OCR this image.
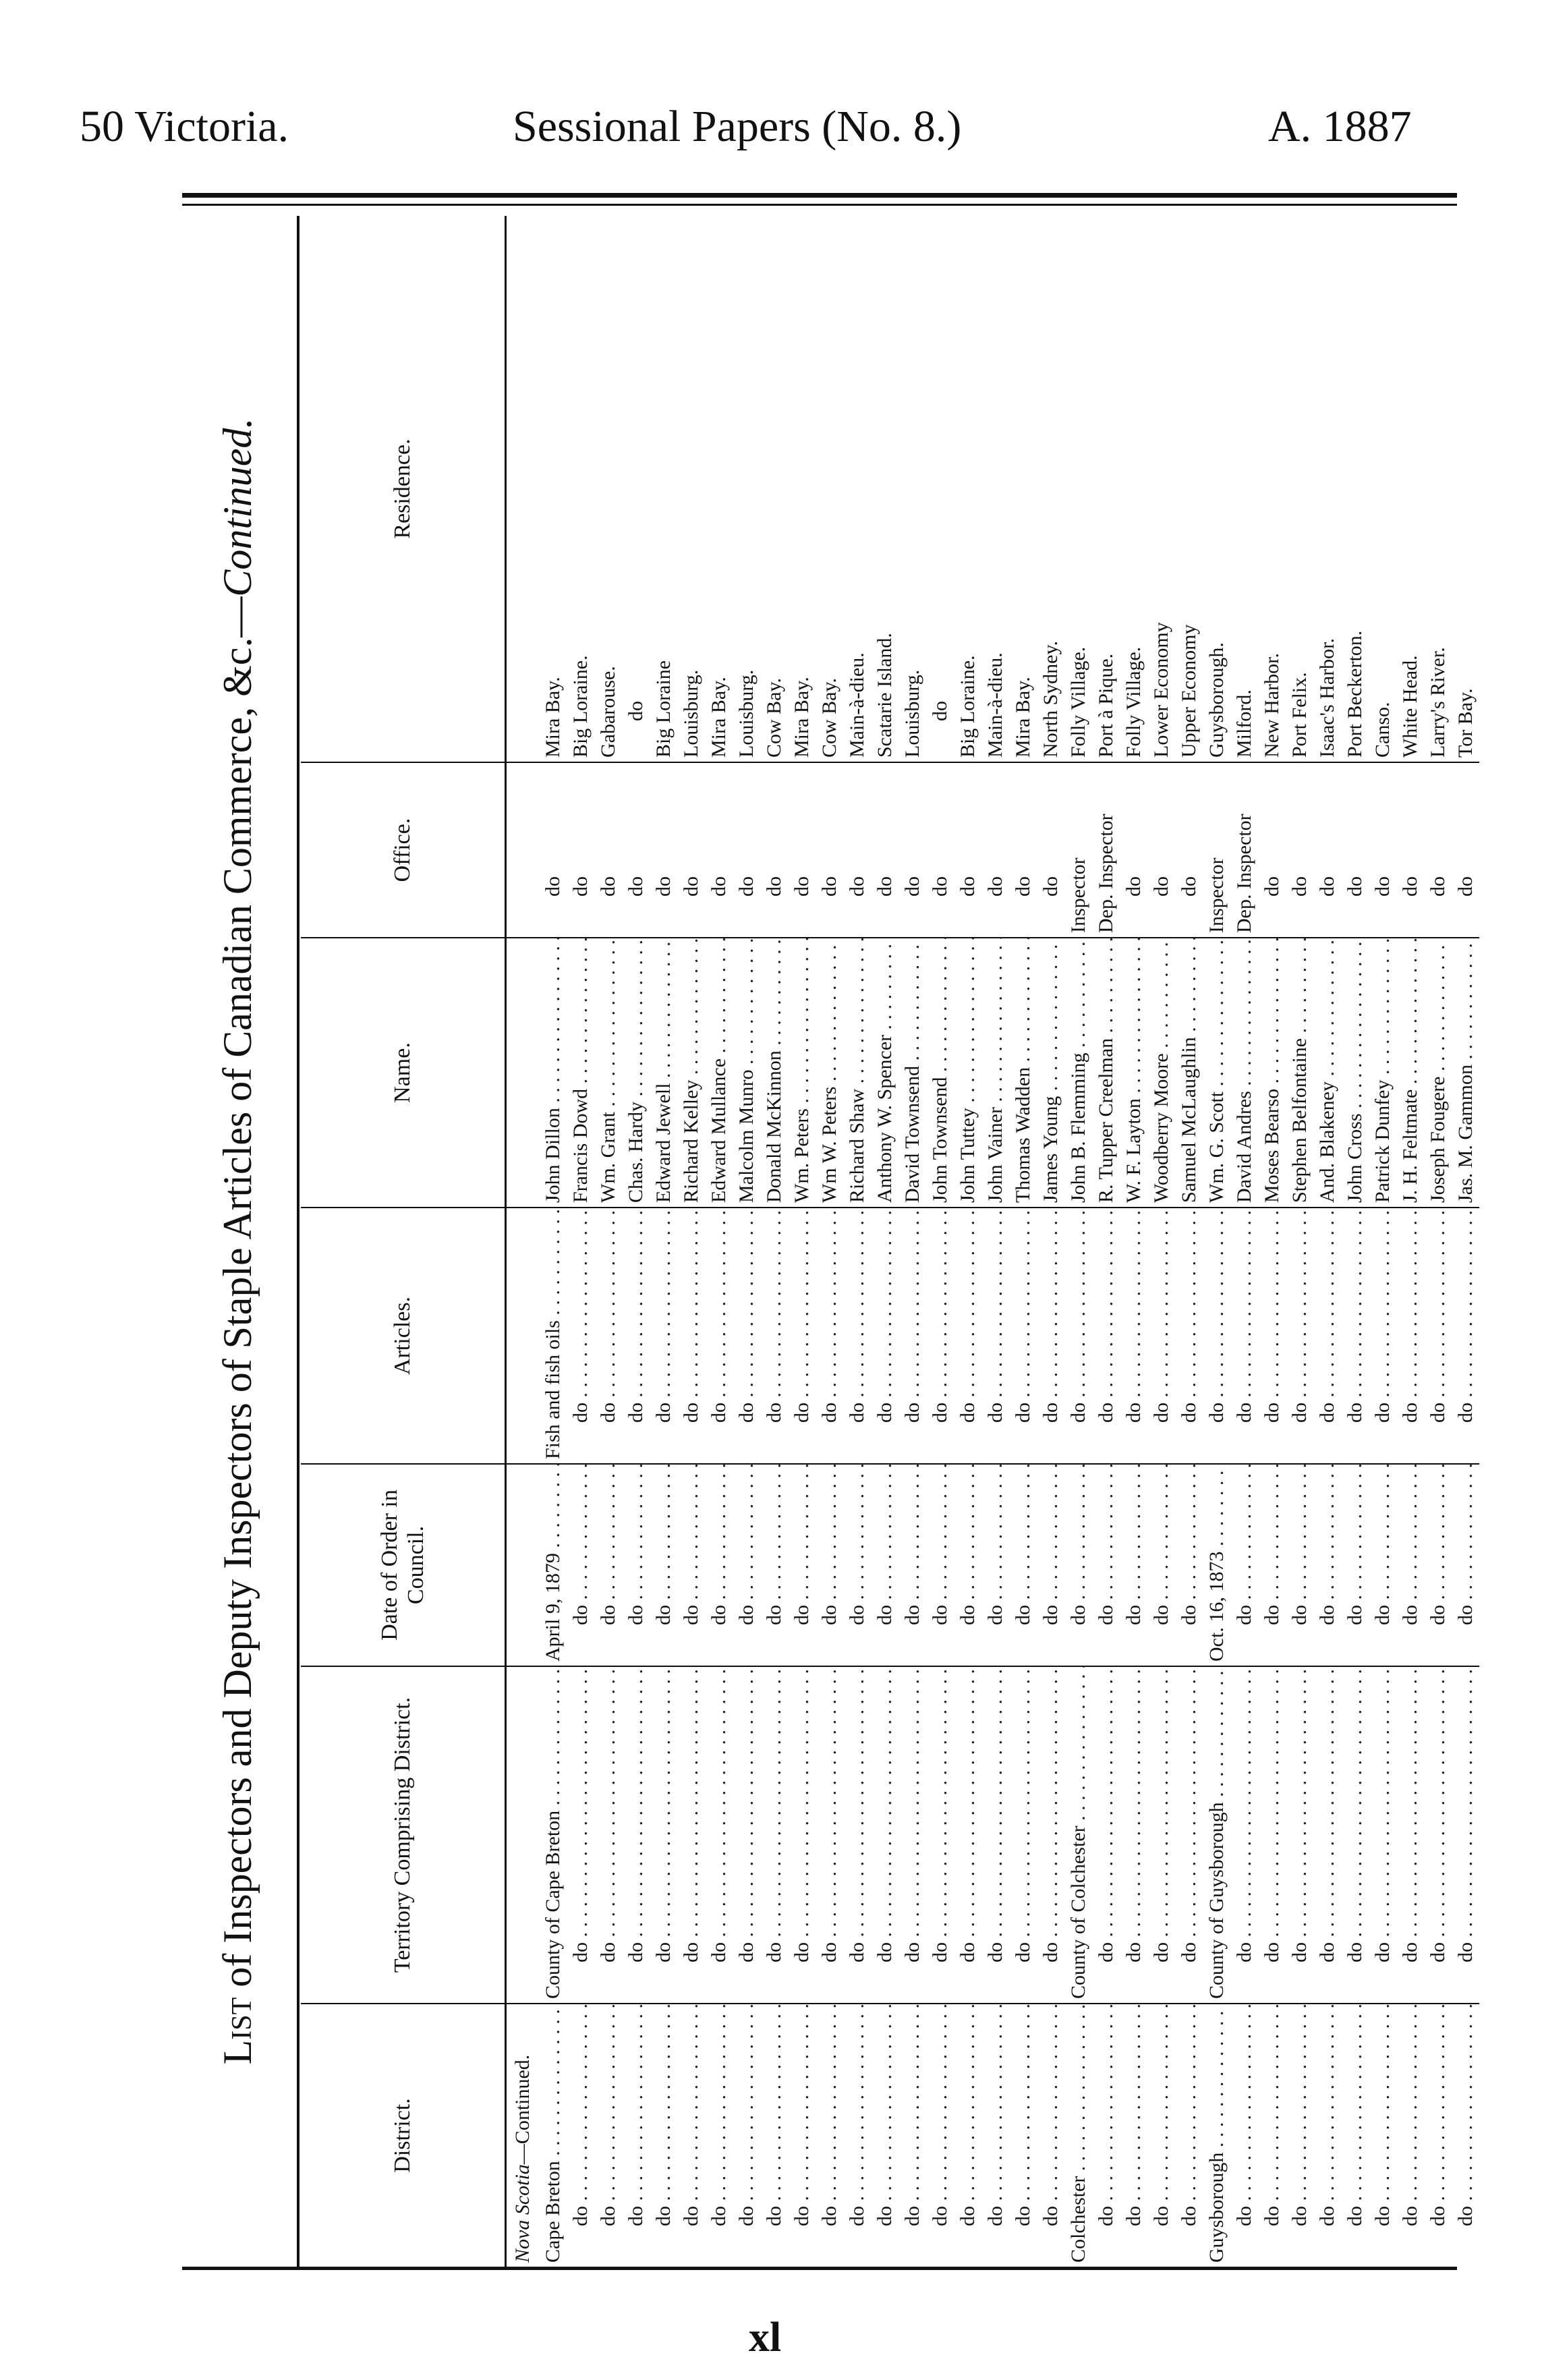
50 Victoria.	Sessional Papers (No. 8.)	A. 1887
List of Inspectors and Deputy Inspectors of Staple Articles of Canadian Commerce, &c.—Continued.
District.	Territory Comprising District.	Date of Order in Council.	Articles.	Name.	Office.	Residence.
Nova Scotia—Continued.						
Cape Breton . . .	County of Cape Breton . . .	April 9, 1879 . . .	Fish and fish oils . . .	John Dillon . . .	do	Mira Bay.
do . . .	do . . .	do . . .	do . . .	Francis Dowd . . .	do	Big Loraine.
do . . .	do . . .	do . . .	do . . .	Wm. Grant . . .	do	Gabarouse.
do . . .	do . . .	do . . .	do . . .	Chas. Hardy . . .	do	do
do . . .	do . . .	do . . .	do . . .	Edward Jewell . . .	do	Big Loraine
do . . .	do . . .	do . . .	do . . .	Richard Kelley . . .	do	Louisburg.
do . . .	do . . .	do . . .	do . . .	Edward Mullance . . .	do	Mira Bay.
do . . .	do . . .	do . . .	do . . .	Malcolm Munro . . .	do	Louisburg.
do . . .	do . . .	do . . .	do . . .	Donald McKinnon . . .	do	Cow Bay.
do . . .	do . . .	do . . .	do . . .	Wm. Peters . . .	do	Mira Bay.
do . . .	do . . .	do . . .	do . . .	Wm W. Peters . . .	do	Cow Bay.
do . . .	do . . .	do . . .	do . . .	Richard Shaw . . .	do	Main-à-dieu.
do . . .	do . . .	do . . .	do . . .	Anthony W. Spencer . . .	do	Scatarie Island.
do . . .	do . . .	do . . .	do . . .	David Townsend . . .	do	Louisburg.
do . . .	do . . .	do . . .	do . . .	John Townsend . . .	do	do
do . . .	do . . .	do . . .	do . . .	John Tuttey . . .	do	Big Loraine.
do . . .	do . . .	do . . .	do . . .	John Vainer . . .	do	Main-à-dieu.
do . . .	do . . .	do . . .	do . . .	Thomas Wadden . . .	do	Mira Bay.
do . . .	do . . .	do . . .	do . . .	James Young . . .	do	North Sydney.
Colchester . . .	County of Colchester . . .	do . . .	do . . .	John B. Flemming . . .	Inspector	Folly Village.
do . . .	do . . .	do . . .	do . . .	R. Tupper Creelman . . .	Dep. Inspector	Port à Pique.
do . . .	do . . .	do . . .	do . . .	W. F. Layton . . .	do	Folly Village.
do . . .	do . . .	do . . .	do . . .	Woodberry Moore . . .	do	Lower Economy
do . . .	do . . .	do . . .	do . . .	Samuel McLaughlin . . .	do	Upper Economy
Guysborough . . .	County of Guysborough . . .	Oct. 16, 1873 . . .	do . . .	Wm. G. Scott . . .	Inspector	Guysborough.
do . . .	do . . .	do . . .	do . . .	David Andres . . .	Dep. Inspector	Milford.
do . . .	do . . .	do . . .	do . . .	Moses Bearso . . .	do	New Harbor.
do . . .	do . . .	do . . .	do . . .	Stephen Belfontaine . . .	do	Port Felix.
do . . .	do . . .	do . . .	do . . .	And. Blakeney . . .	do	Isaac's Harbor.
do . . .	do . . .	do . . .	do . . .	John Cross . . .	do	Port Beckerton.
do . . .	do . . .	do . . .	do . . .	Patrick Dunfey . . .	do	Canso.
do . . .	do . . .	do . . .	do . . .	J. H. Feltmate . . .	do	White Head.
do . . .	do . . .	do . . .	do . . .	Joseph Fougere . . .	do	Larry's River.
do . . .	do . . .	do . . .	do . . .	Jas. M. Gammon . . .	do	Tor Bay.
xl
